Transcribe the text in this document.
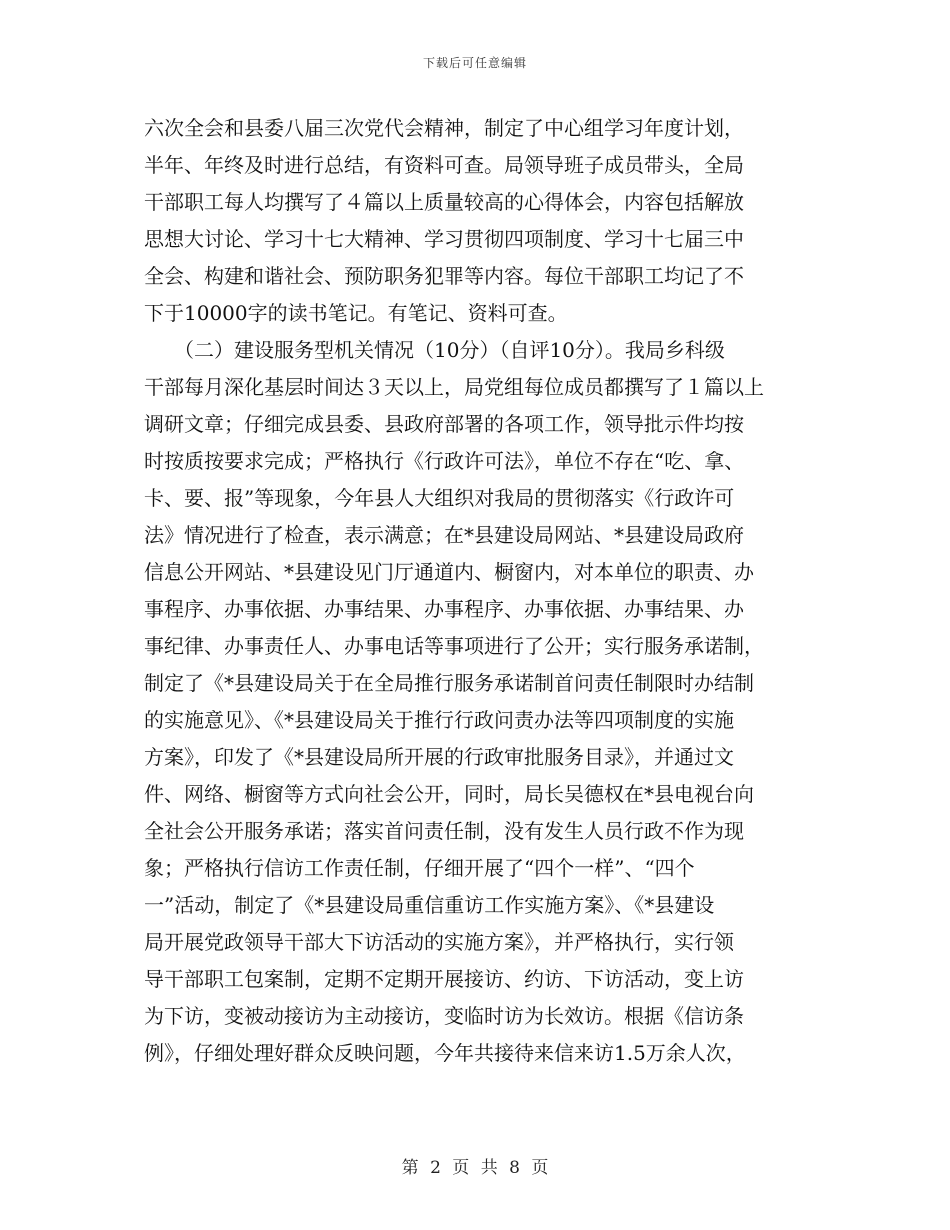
下载后可任意编辑
六次全会和县委八届三次党代会精神，制定了中心组学习年度计划，
半年、年终及时进行总结，有资料可查。局领导班子成员带头，全局
干部职工每人均撰写了４篇以上质量较高的心得体会，内容包括解放
思想大讨论、学习十七大精神、学习贯彻四项制度、学习十七届三中
全会、构建和谐社会、预防职务犯罪等内容。每位干部职工均记了不
下于10000字的读书笔记。有笔记、资料可查。
　　（二）建设服务型机关情况（10分）（自评10分）。我局乡科级
干部每月深化基层时间达３天以上，局党组每位成员都撰写了１篇以上
调研文章；仔细完成县委、县政府部署的各项工作，领导批示件均按
时按质按要求完成；严格执行《行政许可法》，单位不存在“吃、拿、
卡、要、报”等现象，今年县人大组织对我局的贯彻落实《行政许可
法》情况进行了检查，表示满意；在*县建设局网站、*县建设局政府
信息公开网站、*县建设见门厅通道内、橱窗内，对本单位的职责、办
事程序、办事依据、办事结果、办事程序、办事依据、办事结果、办
事纪律、办事责任人、办事电话等事项进行了公开；实行服务承诺制，
制定了《*县建设局关于在全局推行服务承诺制首问责任制限时办结制
的实施意见》、《*县建设局关于推行行政问责办法等四项制度的实施
方案》，印发了《*县建设局所开展的行政审批服务目录》，并通过文
件、网络、橱窗等方式向社会公开，同时，局长吴德权在*县电视台向
全社会公开服务承诺；落实首问责任制，没有发生人员行政不作为现
象；严格执行信访工作责任制，仔细开展了“四个一样”、“四个
一”活动，制定了《*县建设局重信重访工作实施方案》、《*县建设
局开展党政领导干部大下访活动的实施方案》，并严格执行，实行领
导干部职工包案制，定期不定期开展接访、约访、下访活动，变上访
为下访，变被动接访为主动接访，变临时访为长效访。根据《信访条
例》，仔细处理好群众反映问题，今年共接待来信来访1.5万余人次，
第 2 页 共 8 页
